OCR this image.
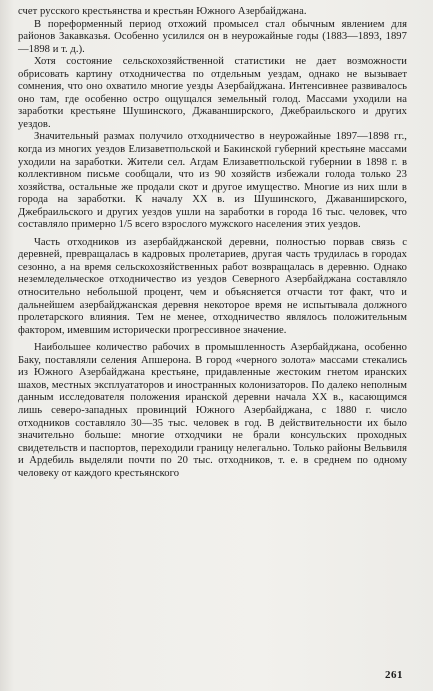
счет русского крестьянства и крестьян Южного Азербайджана.

В пореформенный период отхожий промысел стал обычным явлением для районов Закавказья. Особенно усилился он в неурожайные годы (1883—1893, 1897—1898 и т. д.).

Хотя состояние сельскохозяйственной статистики не дает возможности обрисовать картину отходничества по отдельным уездам, однако не вызывает сомнения, что оно охватило многие уезды Азербайджана. Интенсивнее развивалось оно там, где особенно остро ощущался земельный голод. Массами уходили на заработки крестьяне Шушинского, Джаванширского, Джебраильского и других уездов.

Значительный размах получило отходничество в неурожайные 1897—1898 гг., когда из многих уездов Елизаветпольской и Бакинской губерний крестьяне массами уходили на заработки. Жители сел. Агдам Елизаветпольской губернии в 1898 г. в коллективном письме сообщали, что из 90 хозяйств избежали голода только 23 хозяйства, остальные же продали скот и другое имущество. Многие из них шли в города на заработки. К началу XX в. из Шушинского, Джаванширского, Джебраильского и других уездов ушли на заработки в города 16 тыс. человек, что составляло примерно 1/5 всего взрослого мужского населения этих уездов.

Часть отходников из азербайджанской деревни, полностью порвав связь с деревней, превращалась в кадровых пролетариев, другая часть трудилась в городах сезонно, а на время сельскохозяйственных работ возвращалась в деревню. Однако неземледельческое отходничество из уездов Северного Азербайджана составляло относительно небольшой процент, чем и объясняется отчасти тот факт, что и дальнейшем азербайджанская деревня некоторое время не испытывала должного пролетарского влияния. Тем не менее, отходничество являлось положительным фактором, имевшим исторически прогрессивное значение.

Наибольшее количество рабочих в промышленность Азербайджана, особенно Баку, поставляли селения Апшерона. В город «черного золота» массами стекались из Южного Азербайджана крестьяне, придавленные жестоким гнетом иранских шахов, местных эксплуататоров и иностранных колонизаторов. По далеко неполным данным исследователя положения иранской деревни начала XX в., касающимся лишь северо-западных провинций Южного Азербайджана, с 1880 г. число отходников составляло 30—35 тыс. человек в год. В действительности их было значительно больше: многие отходчики не брали консульских проходных свидетельств и паспортов, переходили границу нелегально. Только районы Вельвиля и Ардебиль выделяли почти по 20 тыс. отходников, т. е. в среднем по одному человеку от каждого крестьянского

261
